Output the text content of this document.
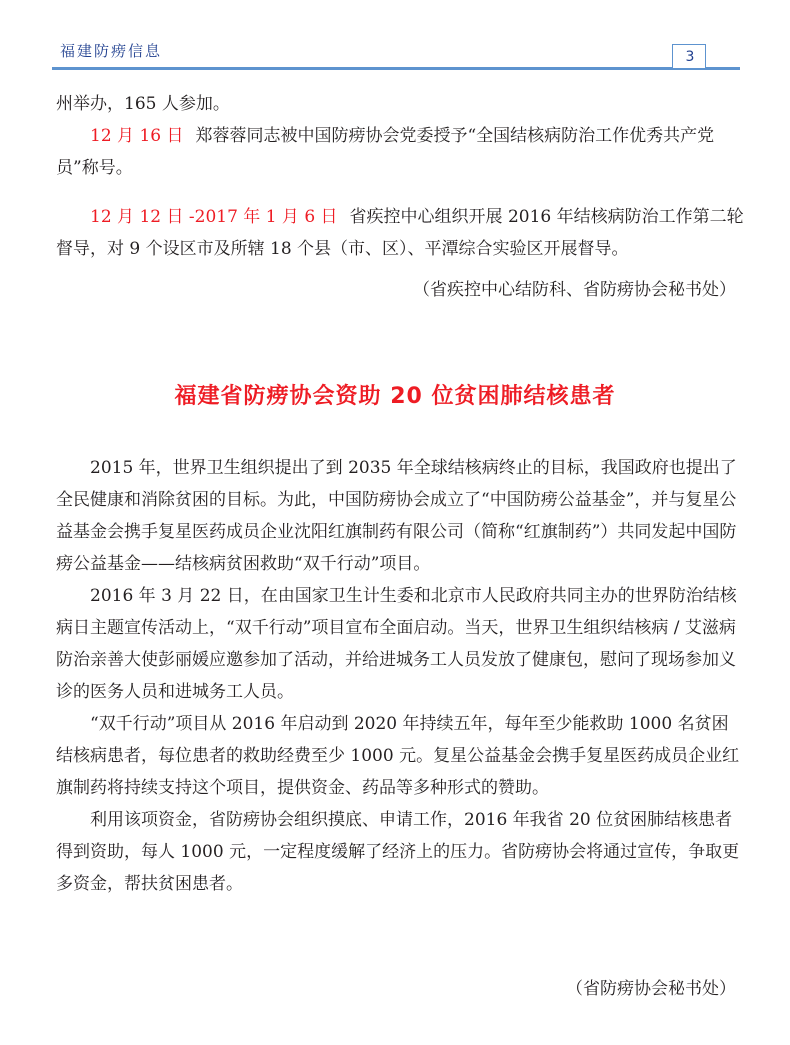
福建防痨信息	3
州举办，165 人参加。
12 月 16 日 郑蓉蓉同志被中国防痨协会党委授予“全国结核病防治工作优秀共产党员”称号。
12 月 12 日 -2017 年 1 月 6 日 省疾控中心组织开展 2016 年结核病防治工作第二轮督导，对 9 个设区市及所辖 18 个县（市、区）、平潭综合实验区开展督导。
（省疾控中心结防科、省防痨协会秘书处）
福建省防痨协会资助 20 位贫困肺结核患者

2015 年，世界卫生组织提出了到 2035 年全球结核病终止的目标，我国政府也提出了全民健康和消除贫困的目标。为此，中国防痨协会成立了“中国防痨公益基金”，并与复星公益基金会携手复星医药成员企业沈阳红旗制药有限公司（简称“红旗制药”）共同发起中国防痨公益基金——结核病贫困救助“双千行动”项目。

2016 年 3 月 22 日，在由国家卫生计生委和北京市人民政府共同主办的世界防治结核病日主题宣传活动上，“双千行动”项目宣布全面启动。当天，世界卫生组织结核病 / 艾滋病防治亲善大使彭丽媛应邀参加了活动，并给进城务工人员发放了健康包，慰问了现场参加义诊的医务人员和进城务工人员。

“双千行动”项目从 2016 年启动到 2020 年持续五年，每年至少能救助 1000 名贫困结核病患者，每位患者的救助经费至少 1000 元。复星公益基金会携手复星医药成员企业红旗制药将持续支持这个项目，提供资金、药品等多种形式的赞助。

利用该项资金，省防痨协会组织摸底、申请工作，2016 年我省 20 位贫困肺结核患者得到资助，每人 1000 元，一定程度缓解了经济上的压力。省防痨协会将通过宣传，争取更多资金，帮扶贫困患者。

（省防痨协会秘书处）
